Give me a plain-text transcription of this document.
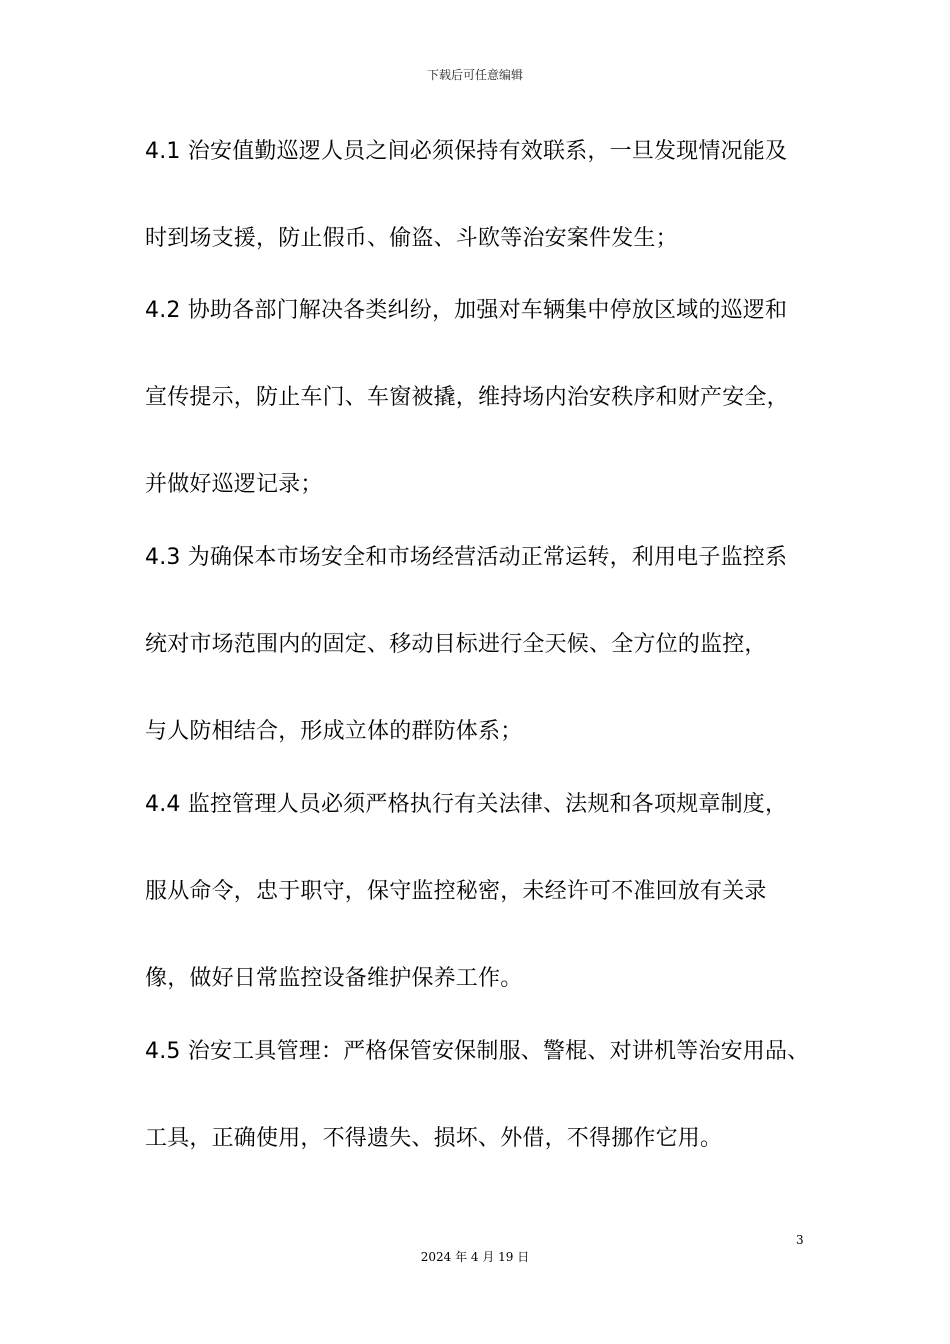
下载后可任意编辑
4.1 治安值勤巡逻人员之间必须保持有效联系，一旦发现情况能及
时到场支援，防止假币、偷盗、斗欧等治安案件发生；
4.2 协助各部门解决各类纠纷，加强对车辆集中停放区域的巡逻和
宣传提示，防止车门、车窗被撬，维持场内治安秩序和财产安全，
并做好巡逻记录；
4.3 为确保本市场安全和市场经营活动正常运转，利用电子监控系
统对市场范围内的固定、移动目标进行全天候、全方位的监控，
与人防相结合，形成立体的群防体系；
4.4 监控管理人员必须严格执行有关法律、法规和各项规章制度，
服从命令，忠于职守，保守监控秘密，未经许可不准回放有关录
像，做好日常监控设备维护保养工作。
4.5 治安工具管理：严格保管安保制服、警棍、对讲机等治安用品、
工具，正确使用，不得遗失、损坏、外借，不得挪作它用。
3
2024 年 4 月 19 日
